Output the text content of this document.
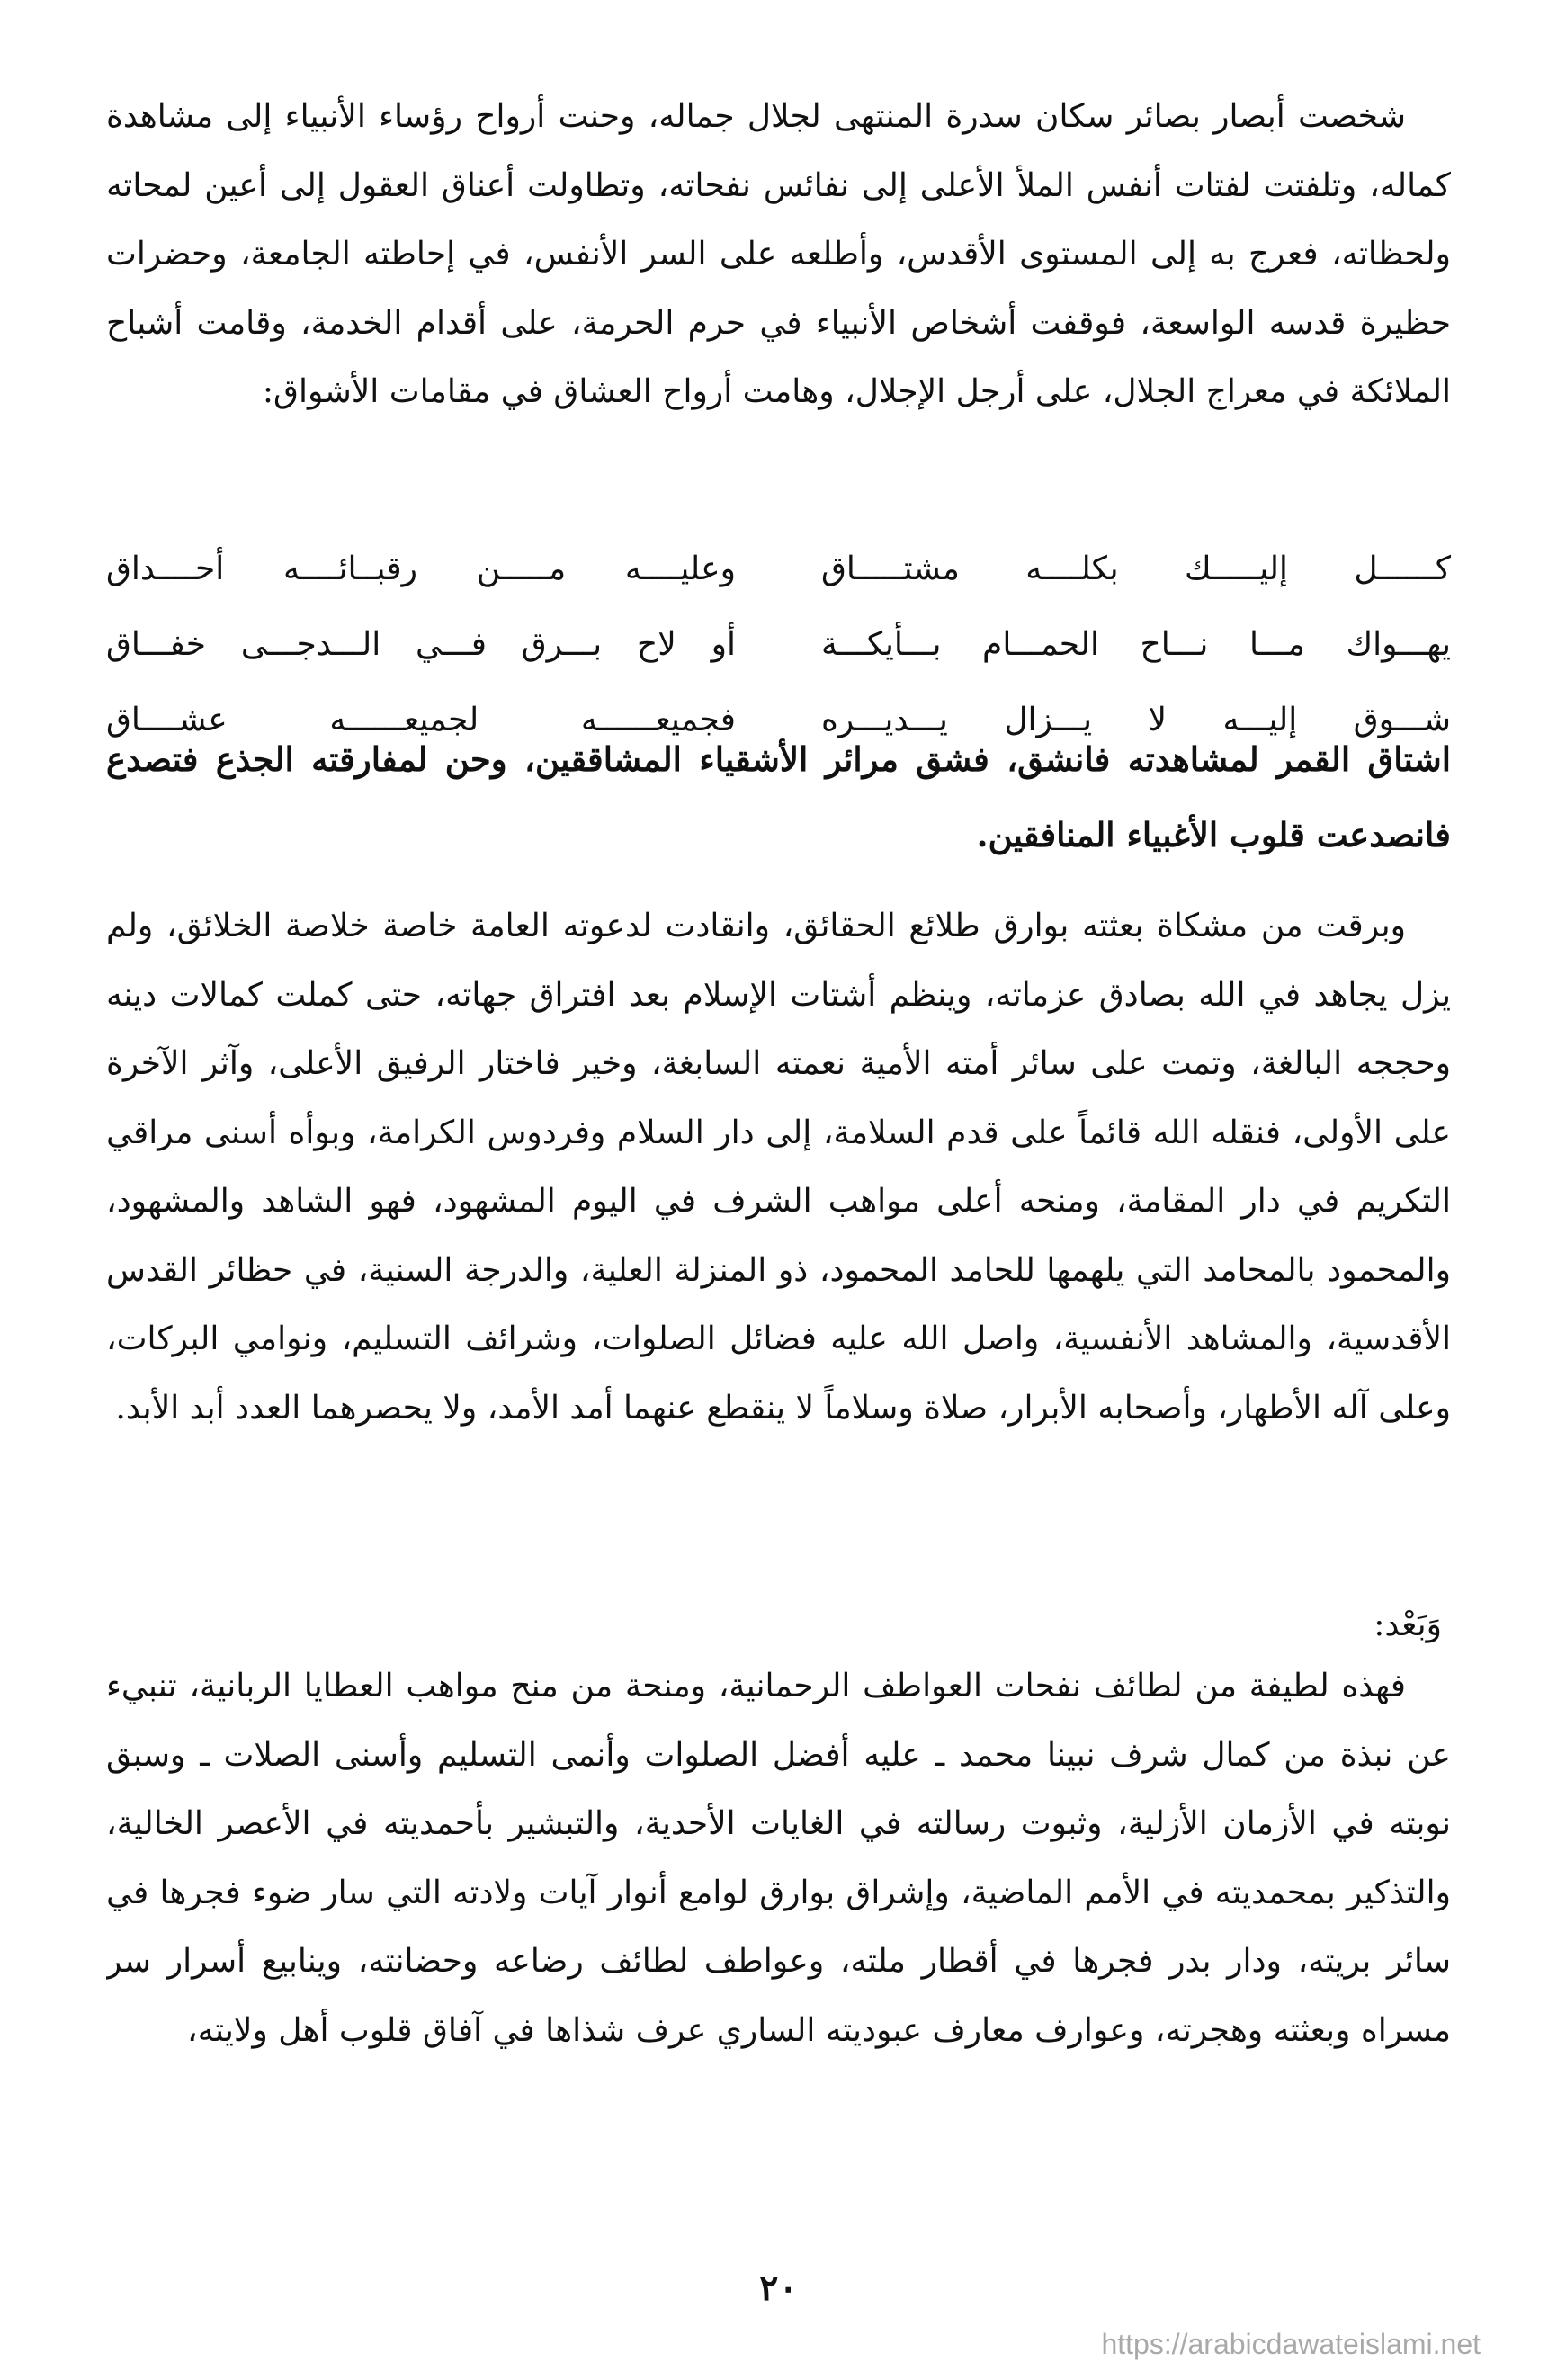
شخصت أبصار بصائر سكان سدرة المنتهى لجلال جماله، وحنت أرواح رؤساء الأنبياء إلى مشاهدة كماله، وتلفتت لفتات أنفس الملأ الأعلى إلى نفائس نفحاته، وتطاولت أعناق العقول إلى أعين لمحاته ولحظاته، فعرج به إلى المستوى الأقدس، وأطلعه على السر الأنفس، في إحاطته الجامعة، وحضرات حظيرة قدسه الواسعة، فوقفت أشخاص الأنبياء في حرم الحرمة، على أقدام الخدمة، وقامت أشباح الملائكة في معراج الجلال، على أرجل الإجلال، وهامت أرواح العشاق في مقامات الأشواق:

اشتاق القمر لمشاهدته فانشق، فشق مرائر الأشقياء المشاققين، وحن لمفارقته الجذع فتصدع فانصدعت قلوب الأغبياء المنافقين.

وبرقت من مشكاة بعثته بوارق طلائع الحقائق، وانقادت لدعوته العامة خاصة خلاصة الخلائق، ولم يزل يجاهد في الله بصادق عزماته، وينظم أشتات الإسلام بعد افتراق جهاته، حتى كملت كمالات دينه وحججه البالغة، وتمت على سائر أمته الأمية نعمته السابغة، وخير فاختار الرفيق الأعلى، وآثر الآخرة على الأولى، فنقله الله قائماً على قدم السلامة، إلى دار السلام وفردوس الكرامة، وبوأه أسنى مراقي التكريم في دار المقامة، ومنحه أعلى مواهب الشرف في اليوم المشهود، فهو الشاهد والمشهود، والمحمود بالمحامد التي يلهمها للحامد المحمود، ذو المنزلة العلية، والدرجة السنية، في حظائر القدس الأقدسية، والمشاهد الأنفسية، واصل الله عليه فضائل الصلوات، وشرائف التسليم، ونوامي البركات، وعلى آله الأطهار، وأصحابه الأبرار، صلاة وسلاماً لا ينقطع عنهما أمد الأمد، ولا يحصرهما العدد أبد الأبد.

وَبَعْد:

فهذه لطيفة من لطائف نفحات العواطف الرحمانية، ومنحة من منح مواهب العطايا الربانية، تنبيء عن نبذة من كمال شرف نبينا محمد ـ عليه أفضل الصلوات وأنمى التسليم وأسنى الصلات ـ وسبق نوبته في الأزمان الأزلية، وثبوت رسالته في الغايات الأحدية، والتبشير بأحمديته في الأعصر الخالية، والتذكير بمحمديته في الأمم الماضية، وإشراق بوارق لوامع أنوار آيات ولادته التي سار ضوء فجرها في سائر بريته، ودار بدر فجرها في أقطار ملته، وعواطف لطائف رضاعه وحضانته، وينابيع أسرار سر مسراه وبعثته وهجرته، وعوارف معارف عبوديته الساري عرف شذاها في آفاق قلوب أهل ولايته،

كــــــل إليـــــك بكلــــه مشتـــــاق
وعليــــه مـــــن رقبــائــــه أحــــداق
يهـــواك مـــا نـــاح الحمـــام بـــأيكـــة
أو لاح بـــرق فـــي الـــدجـــى خفـــاق
شـــوق إليـــه لا يـــزال يـــديـــره
فجميعــــــه لجميعــــــه عشــــاق
٢٠
https://arabicdawateislami.net
